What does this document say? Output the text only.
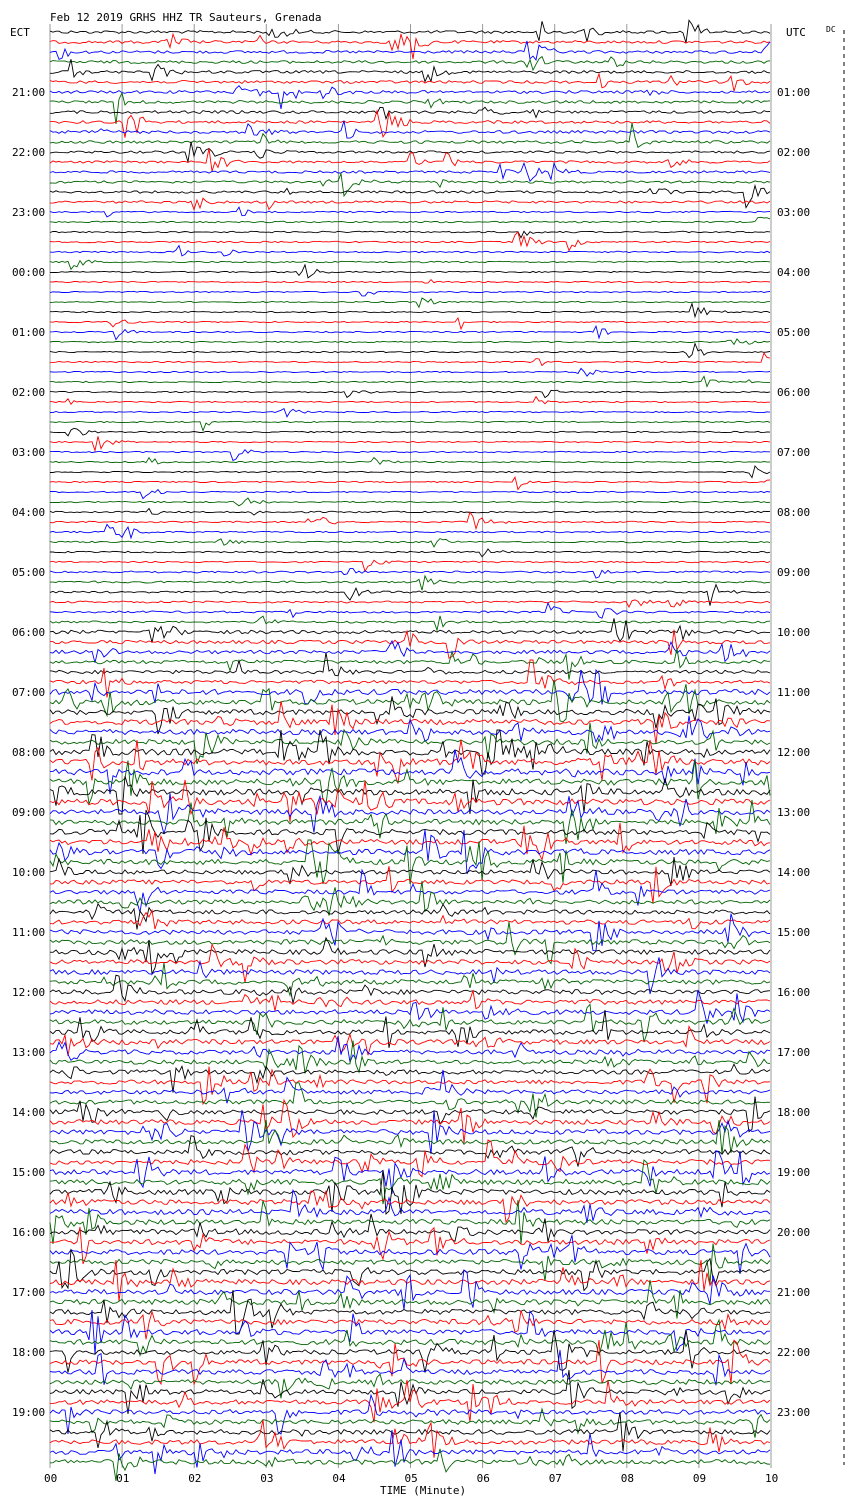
Feb 12 2019 GRHS HHZ TR Sauteurs, Grenada
ECT	UTC	DC
21:00
22:00
23:00
00:00
01:00
02:00
03:00
04:00
05:00
06:00
07:00
08:00
09:00
10:00
11:00
12:00
13:00
14:00
15:00
16:00
17:00
18:00
19:00
01:00
02:00
03:00
04:00
05:00
06:00
07:00
08:00
09:00
10:00
11:00
12:00
13:00
14:00
15:00
16:00
17:00
18:00
19:00
20:00
21:00
22:00
23:00
00	01	02	03	04	05	06	07	08	09	10
TIME (Minute)
